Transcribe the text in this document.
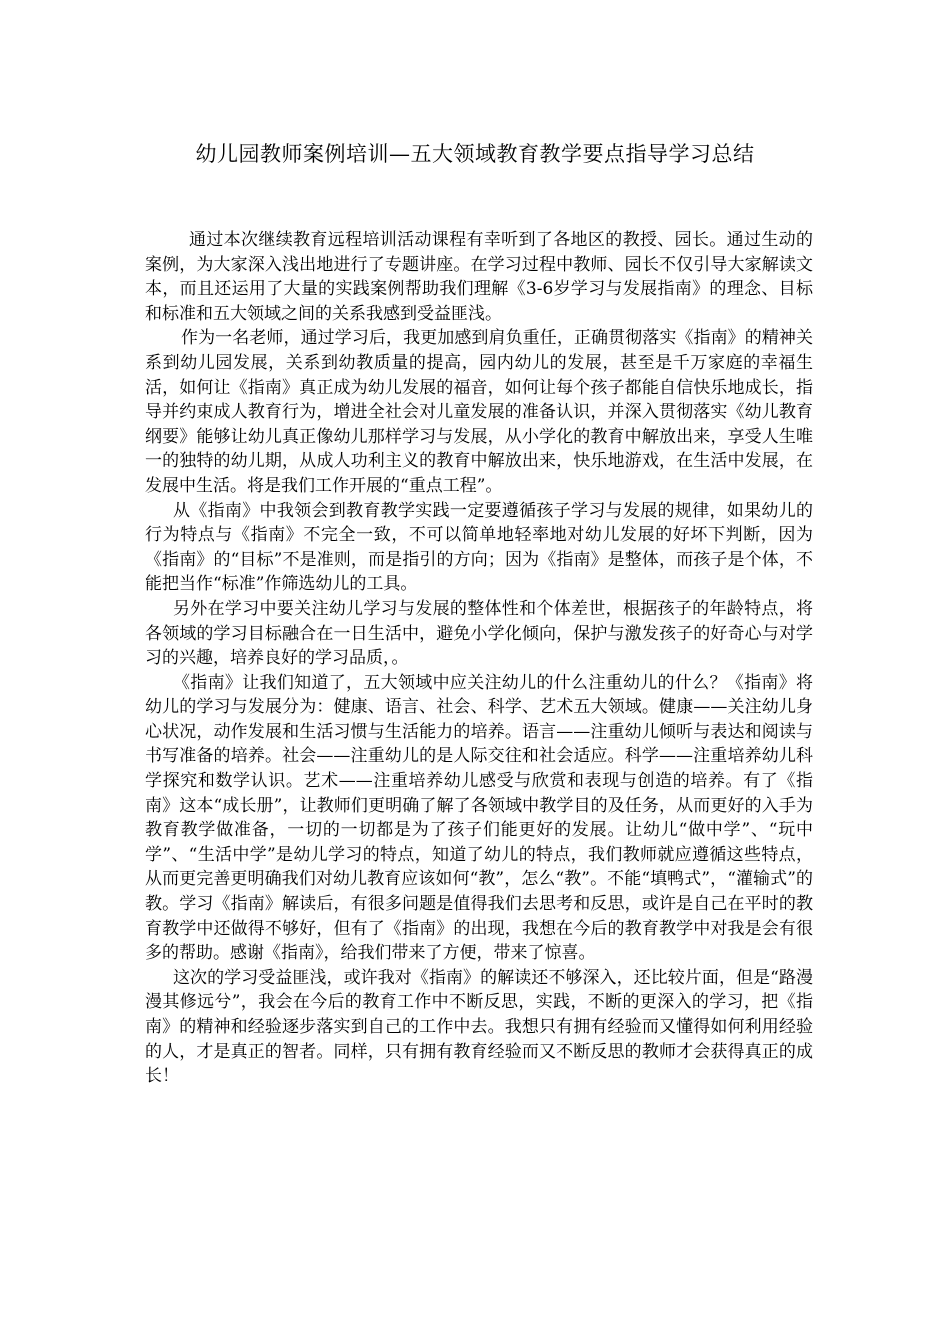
幼儿园教师案例培训—五大领域教育教学要点指导学习总结

通过本次继续教育远程培训活动课程有幸听到了各地区的教授、园长。通过生动的案例，为大家深入浅出地进行了专题讲座。在学习过程中教师、园长不仅引导大家解读文本，而且还运用了大量的实践案例帮助我们理解《3-6岁学习与发展指南》的理念、目标和标准和五大领域之间的关系我感到受益匪浅。

作为一名老师，通过学习后，我更加感到肩负重任，正确贯彻落实《指南》的精神关系到幼儿园发展，关系到幼教质量的提高，园内幼儿的发展，甚至是千万家庭的幸福生活，如何让《指南》真正成为幼儿发展的福音，如何让每个孩子都能自信快乐地成长，指导并约束成人教育行为，增进全社会对儿童发展的准备认识，并深入贯彻落实《幼儿教育纲要》能够让幼儿真正像幼儿那样学习与发展，从小学化的教育中解放出来，享受人生唯一的独特的幼儿期，从成人功利主义的教育中解放出来，快乐地游戏，在生活中发展，在发展中生活。将是我们工作开展的“重点工程”。

从《指南》中我领会到教育教学实践一定要遵循孩子学习与发展的规律，如果幼儿的行为特点与《指南》不完全一致，不可以简单地轻率地对幼儿发展的好坏下判断，因为《指南》的“目标”不是准则，而是指引的方向；因为《指南》是整体，而孩子是个体，不能把当作“标准”作筛选幼儿的工具。

另外在学习中要关注幼儿学习与发展的整体性和个体差世，根据孩子的年龄特点，将各领域的学习目标融合在一日生活中，避免小学化倾向，保护与激发孩子的好奇心与对学习的兴趣，培养良好的学习品质，。

《指南》让我们知道了，五大领域中应关注幼儿的什么注重幼儿的什么？《指南》将幼儿的学习与发展分为：健康、语言、社会、科学、艺术五大领域。健康——关注幼儿身心状况，动作发展和生活习惯与生活能力的培养。语言——注重幼儿倾听与表达和阅读与书写准备的培养。社会——注重幼儿的是人际交往和社会适应。科学——注重培养幼儿科学探究和数学认识。艺术——注重培养幼儿感受与欣赏和表现与创造的培养。有了《指南》这本“成长册”，让教师们更明确了解了各领域中教学目的及任务，从而更好的入手为教育教学做准备，一切的一切都是为了孩子们能更好的发展。让幼儿“做中学”、“玩中学”、“生活中学”是幼儿学习的特点，知道了幼儿的特点，我们教师就应遵循这些特点，从而更完善更明确我们对幼儿教育应该如何“教”，怎么“教”。不能“填鸭式”，“灌输式”的教。学习《指南》解读后，有很多问题是值得我们去思考和反思，或许是自己在平时的教育教学中还做得不够好，但有了《指南》的出现，我想在今后的教育教学中对我是会有很多的帮助。感谢《指南》，给我们带来了方便，带来了惊喜。

这次的学习受益匪浅，或许我对《指南》的解读还不够深入，还比较片面，但是“路漫漫其修远兮”，我会在今后的教育工作中不断反思，实践，不断的更深入的学习，把《指南》的精神和经验逐步落实到自己的工作中去。我想只有拥有经验而又懂得如何利用经验的人，才是真正的智者。同样，只有拥有教育经验而又不断反思的教师才会获得真正的成长！
